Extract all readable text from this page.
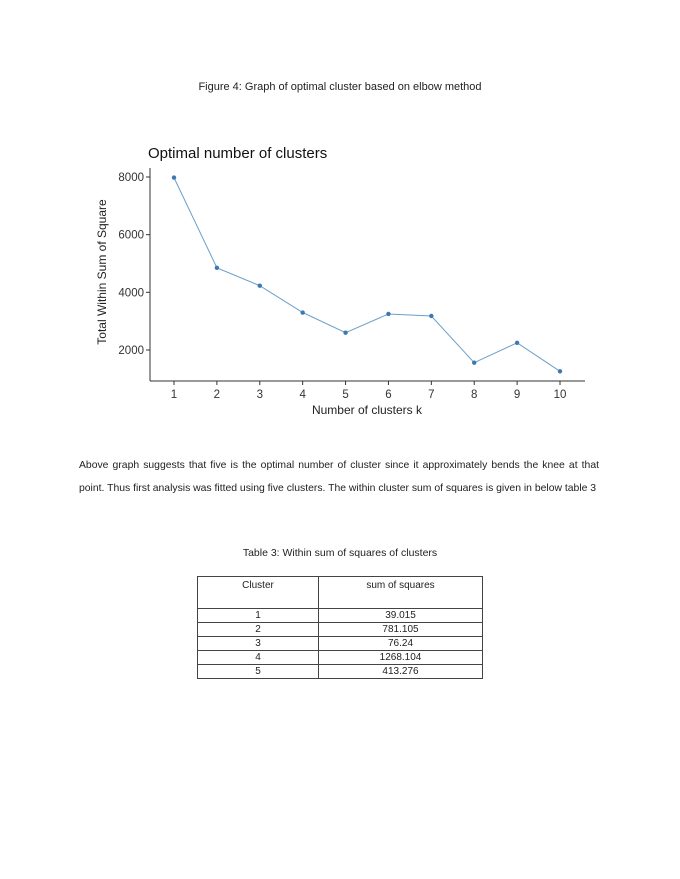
Figure 4: Graph of optimal cluster based on elbow method
Optimal number of clusters
2000
4000
6000
8000
1	2	3	4	5	6	7	8	9	10
Number of clusters k
Total Within Sum of Square
Above graph suggests that five is the optimal number of cluster since it approximately bends the knee at that point. Thus first analysis was fitted using five clusters. The within cluster sum of squares is given in below table 3
Table 3: Within sum of squares of clusters
Cluster	sum of squares
1	39.015
2	781.105
3	76.24
4	1268.104
5	413.276
